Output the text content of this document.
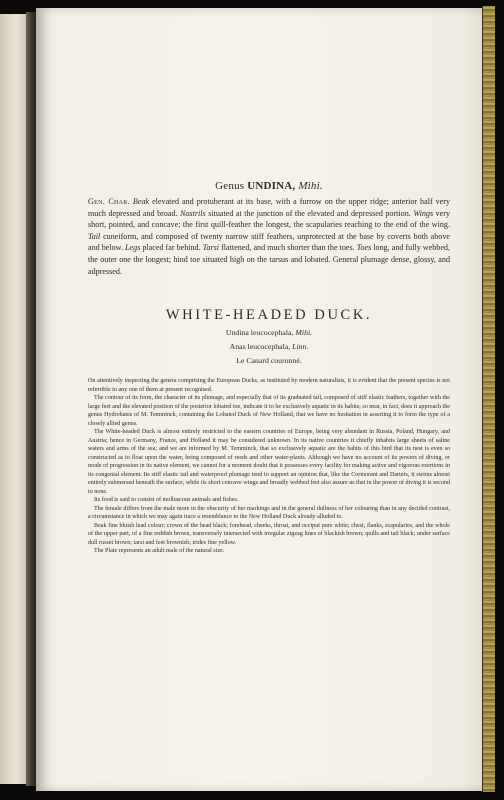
Genus UNDINA, Mihi.
Gen. Char. Beak elevated and protuberant at its base, with a furrow on the upper ridge; anterior half very much depressed and broad. Nostrils situated at the junction of the elevated and depressed portion. Wings very short, pointed, and concave; the first quill-feather the longest, the scapularies reaching to the end of the wing. Tail cuneiform, and composed of twenty narrow stiff feathers, unprotected at the base by coverts both above and below. Legs placed far behind. Tarsi flattened, and much shorter than the toes. Toes long, and fully webbed, the outer one the longest; hind toe situated high on the tarsus and lobated. General plumage dense, glossy, and adpressed.
WHITE-HEADED DUCK.
Undina leucocephala, Mihi.
Anas leucocephala, Linn.
Le Canard couronné.

On attentively inspecting the genera comprising the European Ducks, as instituted by modern naturalists, it is evident that the present species is not referrible to any one of them at present recognised.

The contour of its form, the character of its plumage, and especially that of its graduated tail, composed of stiff elastic feathers, together with the large feet and the elevated position of the posterior lobated toe, indicate it to be exclusively aquatic in its habits; so near, in fact, does it approach the genus Hydrobates of M. Temminck, containing the Lobated Duck of New Holland, that we have no hesitation in asserting it to form the type of a closely allied genus.

The White-headed Duck is almost entirely restricted to the eastern countries of Europe, being very abundant in Russia, Poland, Hungary, and Austria; hence in Germany, France, and Holland it may be considered unknown. In its native countries it chiefly inhabits large sheets of saline waters and arms of the sea; and we are informed by M. Temminck, that so exclusively aquatic are the habits of this bird that its nest is even so constructed as to float upon the water, being composed of reeds and other water-plants. Although we have no account of its powers of diving, or mode of progression in its native element, we cannot for a moment doubt that it possesses every facility for making active and vigorous exertions in its congenial element. Its stiff elastic tail and waterproof plumage tend to support an opinion that, like the Cormorant and Darters, it swims almost entirely submersed beneath the surface, while its short concave wings and broadly webbed feet also assure us that in the power of diving it is second to none.

Its food is said to consist of molluscous animals and fishes.

The female differs from the male more in the obscurity of her markings and in the general dullness of her colouring than in any decided contrast, a circumstance in which we may again trace a resemblance to the New Holland Duck already alluded to.

Beak fine bluish lead colour; crown of the head black; forehead, cheeks, throat, and occiput pure white; chest, flanks, scapularies, and the whole of the upper part, of a fine reddish brown, transversely intersected with irregular zigzag lines of blackish brown; quills and tail black; under surface dull russet brown; tarsi and feet brownish; irides fine yellow.

The Plate represents an adult male of the natural size.
